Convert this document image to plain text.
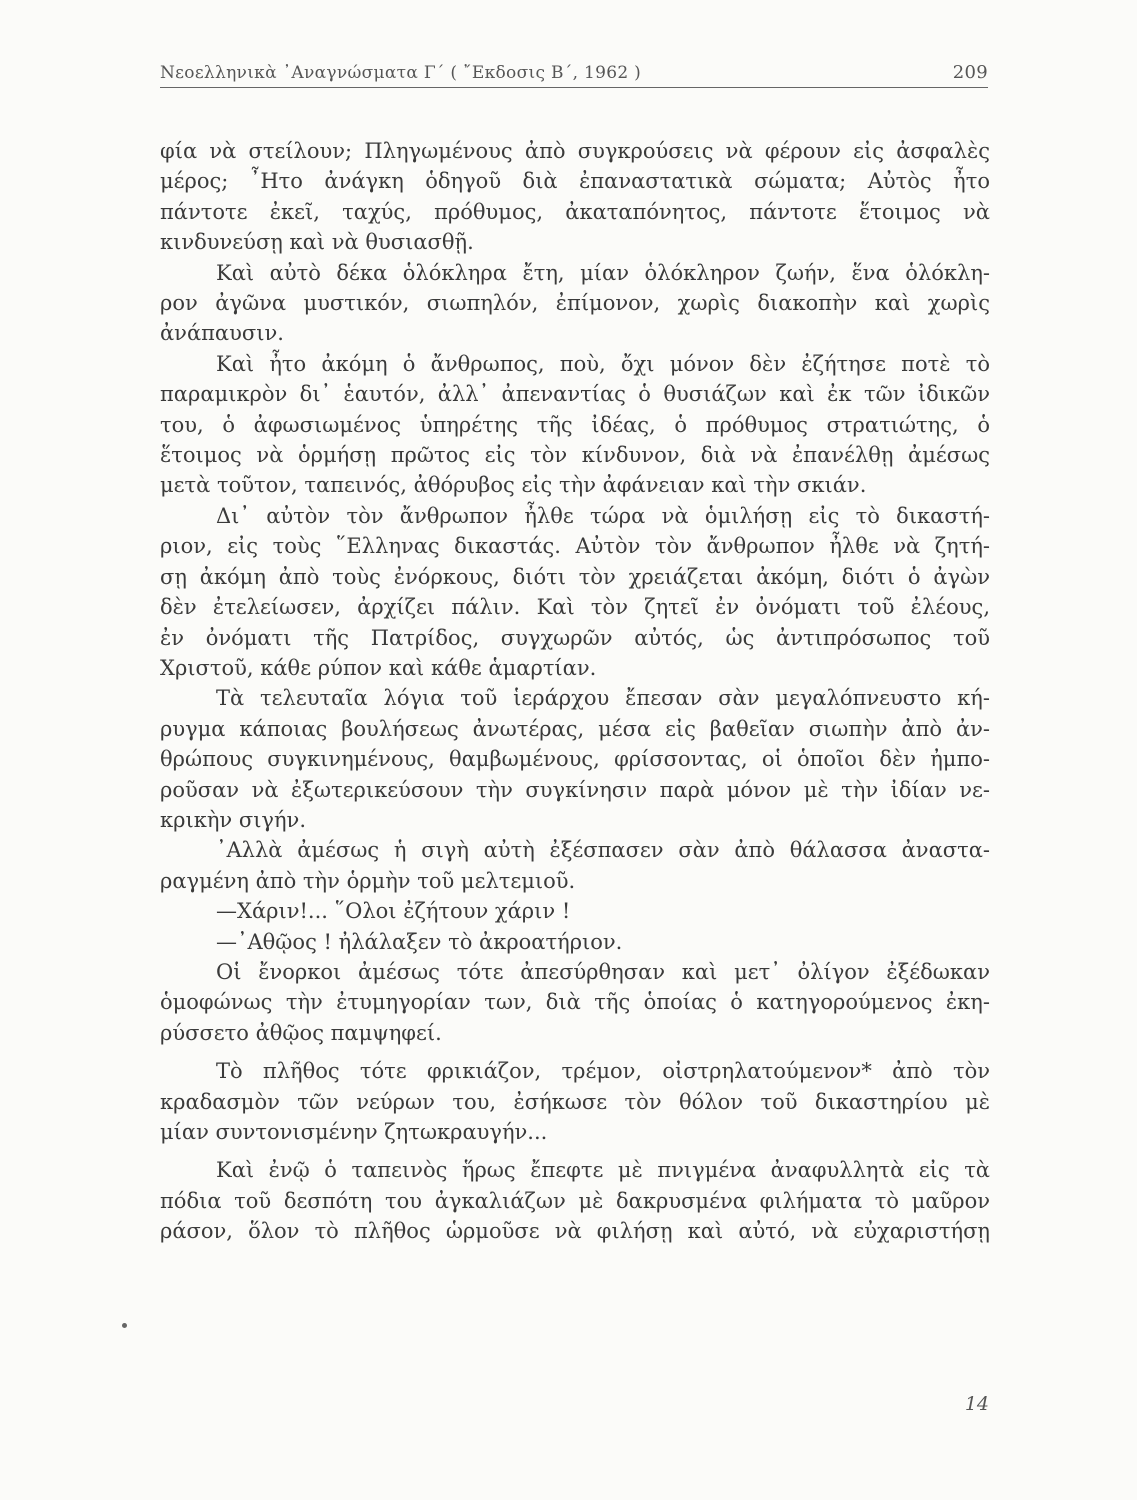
Νεοελληνικὰ ᾽Αναγνώσματα Γ΄ ( ῎Εκδοσις Β΄, 1962 )	209
φία νὰ στείλουν; Πληγωμένους ἀπὸ συγκρούσεις νὰ φέρουν εἰς ἀσφαλὲς
μέρος; ῏Ητο ἀνάγκη ὁδηγοῦ διὰ ἐπαναστατικὰ σώματα; Αὐτὸς ἦτο
πάντοτε ἐκεῖ, ταχύς, πρόθυμος, ἀκαταπόνητος, πάντοτε ἕτοιμος νὰ
κινδυνεύσῃ καὶ νὰ θυσιασθῇ.
Καὶ αὐτὸ δέκα ὁλόκληρα ἔτη, μίαν ὁλόκληρον ζωήν, ἕνα ὁλόκλη-
ρον ἀγῶνα μυστικόν, σιωπηλόν, ἐπίμονον, χωρὶς διακοπὴν καὶ χωρὶς
ἀνάπαυσιν.
Καὶ ἦτο ἀκόμη ὁ ἄνθρωπος, ποὺ, ὄχι μόνον δὲν ἐζήτησε ποτὲ τὸ
παραμικρὸν δι᾽ ἑαυτόν, ἀλλ᾽ ἀπεναντίας ὁ θυσιάζων καὶ ἐκ τῶν ἰδικῶν
του, ὁ ἀφωσιωμένος ὑπηρέτης τῆς ἰδέας, ὁ πρόθυμος στρατιώτης, ὁ
ἕτοιμος νὰ ὁρμήσῃ πρῶτος εἰς τὸν κίνδυνον, διὰ νὰ ἐπανέλθῃ ἀμέσως
μετὰ τοῦτον, ταπεινός, ἀθόρυβος εἰς τὴν ἀφάνειαν καὶ τὴν σκιάν.
Δι᾽ αὐτὸν τὸν ἄνθρωπον ἦλθε τώρα νὰ ὁμιλήσῃ εἰς τὸ δικαστή-
ριον, εἰς τοὺς ῞Ελληνας δικαστάς. Αὐτὸν τὸν ἄνθρωπον ἦλθε νὰ ζητή-
σῃ ἀκόμη ἀπὸ τοὺς ἐνόρκους, διότι τὸν χρειάζεται ἀκόμη, διότι ὁ ἀγὼν
δὲν ἐτελείωσεν, ἀρχίζει πάλιν. Καὶ τὸν ζητεῖ ἐν ὀνόματι τοῦ ἐλέους,
ἐν ὀνόματι τῆς Πατρίδος, συγχωρῶν αὐτός, ὡς ἀντιπρόσωπος τοῦ
Χριστοῦ, κάθε ρύπον καὶ κάθε ἁμαρτίαν.
Τὰ τελευταῖα λόγια τοῦ ἱεράρχου ἔπεσαν σὰν μεγαλόπνευστο κή-
ρυγμα κάποιας βουλήσεως ἀνωτέρας, μέσα εἰς βαθεῖαν σιωπὴν ἀπὸ ἀν-
θρώπους συγκινημένους, θαμβωμένους, φρίσσοντας, οἱ ὁποῖοι δὲν ἠμπο-
ροῦσαν νὰ ἐξωτερικεύσουν τὴν συγκίνησιν παρὰ μόνον μὲ τὴν ἰδίαν νε-
κρικὴν σιγήν.
᾽Αλλὰ ἀμέσως ἡ σιγὴ αὐτὴ ἐξέσπασεν σὰν ἀπὸ θάλασσα ἀναστα-
ραγμένη ἀπὸ τὴν ὁρμὴν τοῦ μελτεμιοῦ.
—Χάριν!... ῞Ολοι ἐζήτουν χάριν !
—᾽Αθῷος ! ἠλάλαξεν τὸ ἀκροατήριον.
Οἱ ἔνορκοι ἀμέσως τότε ἀπεσύρθησαν καὶ μετ᾽ ὀλίγον ἐξέδωκαν
ὁμοφώνως τὴν ἐτυμηγορίαν των, διὰ τῆς ὁποίας ὁ κατηγορούμενος ἐκη-
ρύσσετο ἀθῷος παμψηφεί.
Τὸ πλῆθος τότε φρικιάζον, τρέμον, οἰστρηλατούμενον* ἀπὸ τὸν
κραδασμὸν τῶν νεύρων του, ἐσήκωσε τὸν θόλον τοῦ δικαστηρίου μὲ
μίαν συντονισμένην ζητωκραυγήν...
Καὶ ἐνῷ ὁ ταπεινὸς ἥρως ἔπεφτε μὲ πνιγμένα ἀναφυλλητὰ εἰς τὰ
πόδια τοῦ δεσπότη του ἀγκαλιάζων μὲ δακρυσμένα φιλήματα τὸ μαῦρον
ράσον, ὅλον τὸ πλῆθος ὡρμοῦσε νὰ φιλήσῃ καὶ αὐτό, νὰ εὐχαριστήσῃ
14
